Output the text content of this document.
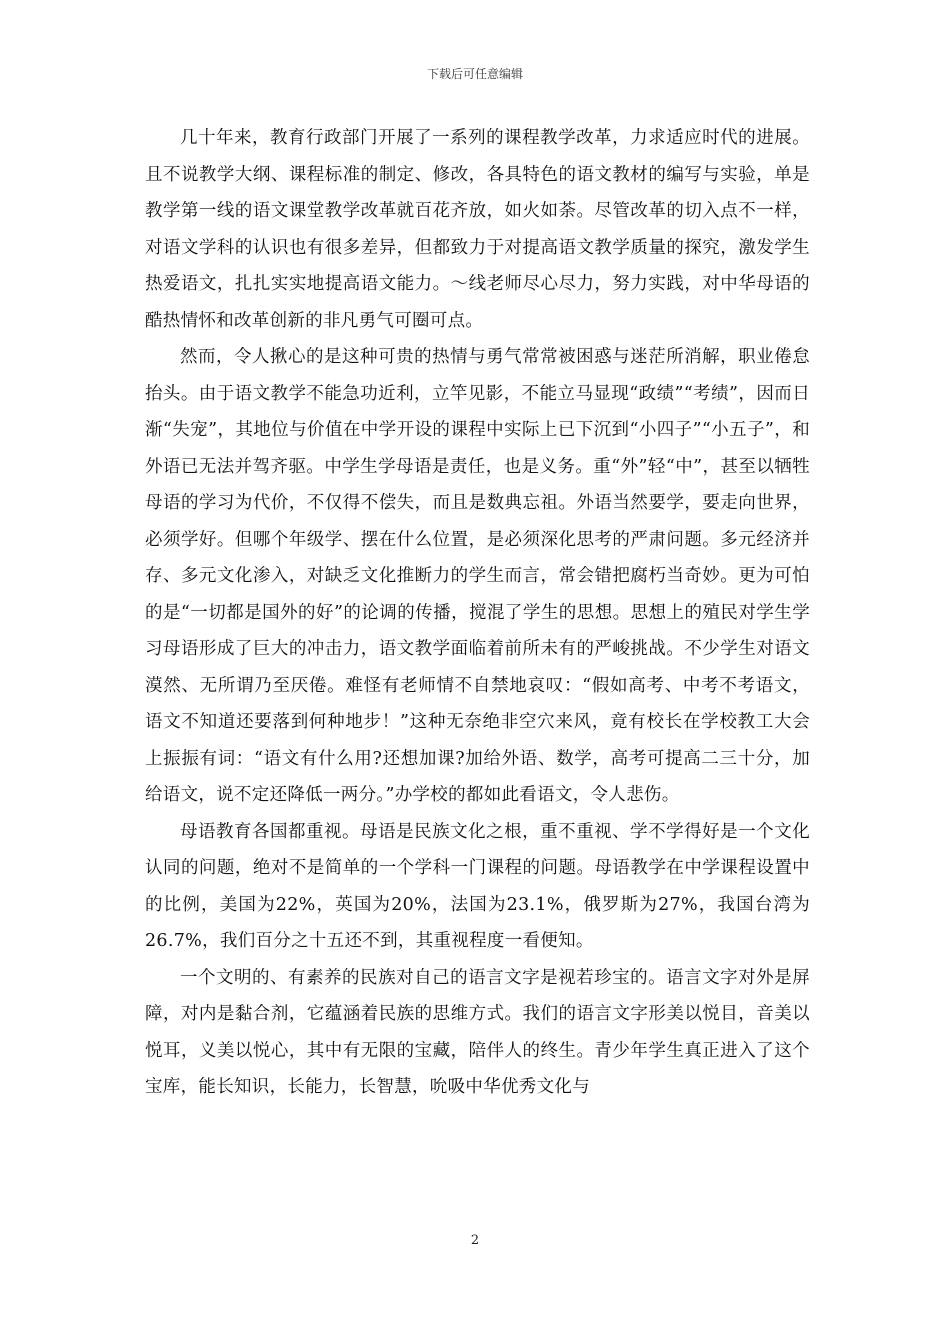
下载后可任意编辑

几十年来，教育行政部门开展了一系列的课程教学改革，力求适应时代的进展。且不说教学大纲、课程标准的制定、修改，各具特色的语文教材的编写与实验，单是教学第一线的语文课堂教学改革就百花齐放，如火如荼。尽管改革的切入点不一样，对语文学科的认识也有很多差异，但都致力于对提高语文教学质量的探究，激发学生热爱语文，扎扎实实地提高语文能力。～线老师尽心尽力，努力实践，对中华母语的酷热情怀和改革创新的非凡勇气可圈可点。

然而，令人揪心的是这种可贵的热情与勇气常常被困惑与迷茫所消解，职业倦怠抬头。由于语文教学不能急功近利，立竿见影，不能立马显现“政绩”“考绩”，因而日渐“失宠”，其地位与价值在中学开设的课程中实际上已下沉到“小四子”“小五子”，和外语已无法并驾齐驱。中学生学母语是责任，也是义务。重“外”轻“中”，甚至以牺牲母语的学习为代价，不仅得不偿失，而且是数典忘祖。外语当然要学，要走向世界，必须学好。但哪个年级学、摆在什么位置，是必须深化思考的严肃问题。多元经济并存、多元文化渗入，对缺乏文化推断力的学生而言，常会错把腐朽当奇妙。更为可怕的是“一切都是国外的好”的论调的传播，搅混了学生的思想。思想上的殖民对学生学习母语形成了巨大的冲击力，语文教学面临着前所未有的严峻挑战。不少学生对语文漠然、无所谓乃至厌倦。难怪有老师情不自禁地哀叹：“假如高考、中考不考语文，语文不知道还要落到何种地步！”这种无奈绝非空穴来风，竟有校长在学校教工大会上振振有词：“语文有什么用?还想加课?加给外语、数学，高考可提高二三十分，加给语文，说不定还降低一两分。”办学校的都如此看语文，令人悲伤。

母语教育各国都重视。母语是民族文化之根，重不重视、学不学得好是一个文化认同的问题，绝对不是简单的一个学科一门课程的问题。母语教学在中学课程设置中的比例，美国为22%，英国为20%，法国为23.1%，俄罗斯为27%，我国台湾为26.7%，我们百分之十五还不到，其重视程度一看便知。

一个文明的、有素养的民族对自己的语言文字是视若珍宝的。语言文字对外是屏障，对内是黏合剂，它蕴涵着民族的思维方式。我们的语言文字形美以悦目，音美以悦耳，义美以悦心，其中有无限的宝藏，陪伴人的终生。青少年学生真正进入了这个宝库，能长知识，长能力，长智慧，吮吸中华优秀文化与

2
